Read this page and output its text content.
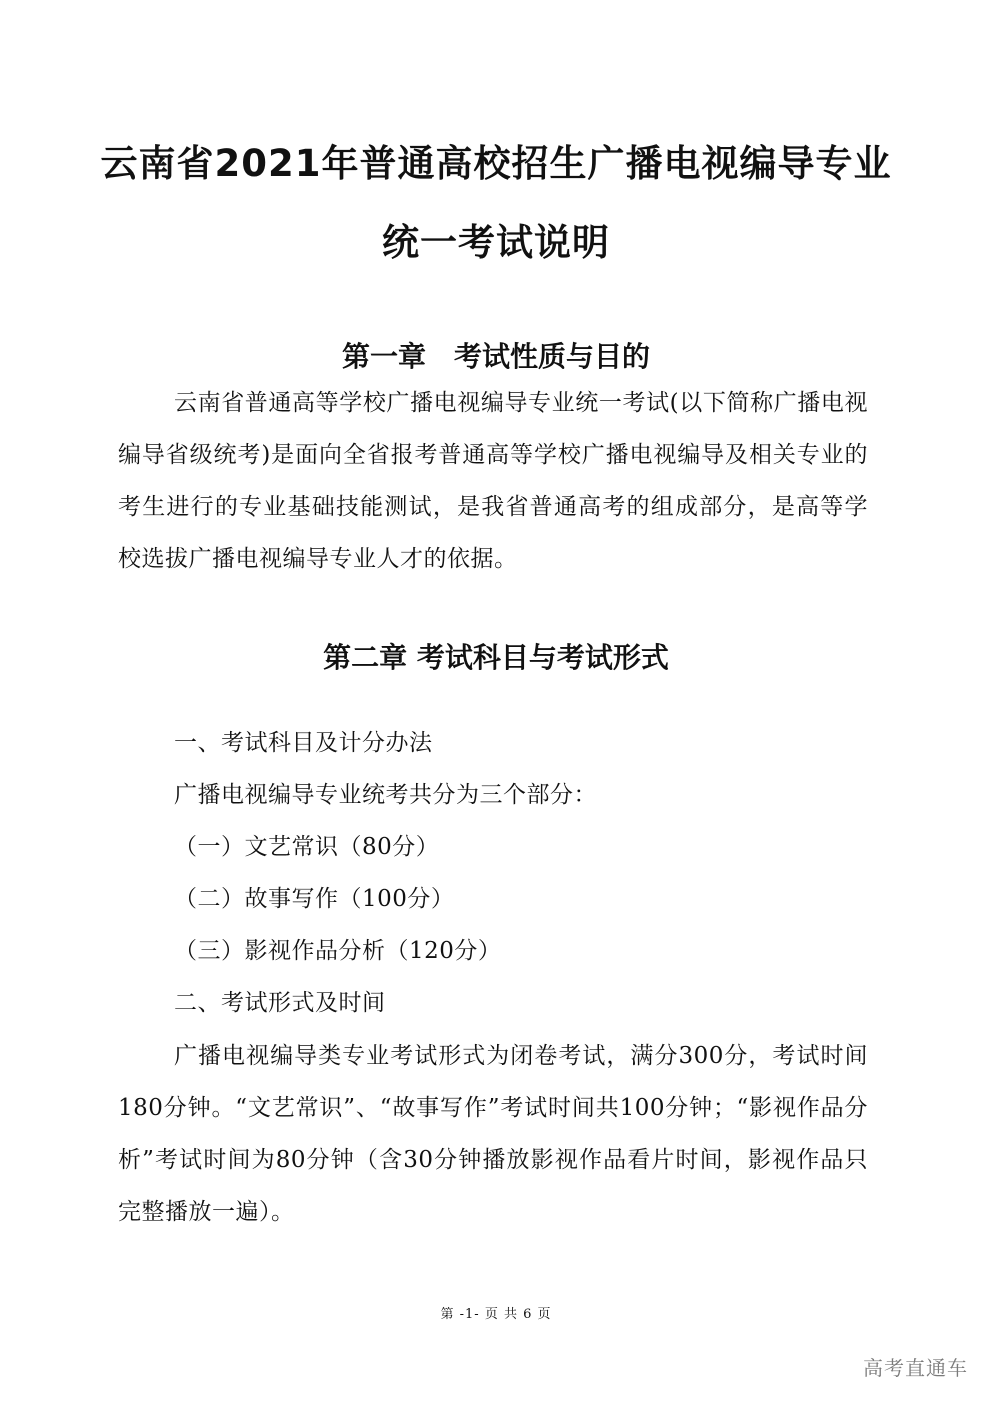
云南省2021年普通高校招生广播电视编导专业
统一考试说明
第一章　考试性质与目的
云南省普通高等学校广播电视编导专业统一考试(以下简称广播电视编导省级统考)是面向全省报考普通高等学校广播电视编导及相关专业的考生进行的专业基础技能测试，是我省普通高考的组成部分，是高等学校选拔广播电视编导专业人才的依据。
第二章 考试科目与考试形式
一、考试科目及计分办法
广播电视编导专业统考共分为三个部分：
（一）文艺常识（80分）
（二）故事写作（100分）
（三）影视作品分析（120分）
二、考试形式及时间
广播电视编导类专业考试形式为闭卷考试，满分300分，考试时间180分钟。“文艺常识”、“故事写作”考试时间共100分钟；“影视作品分析”考试时间为80分钟（含30分钟播放影视作品看片时间，影视作品只完整播放一遍）。
第 -1- 页 共 6 页
高考直通车
